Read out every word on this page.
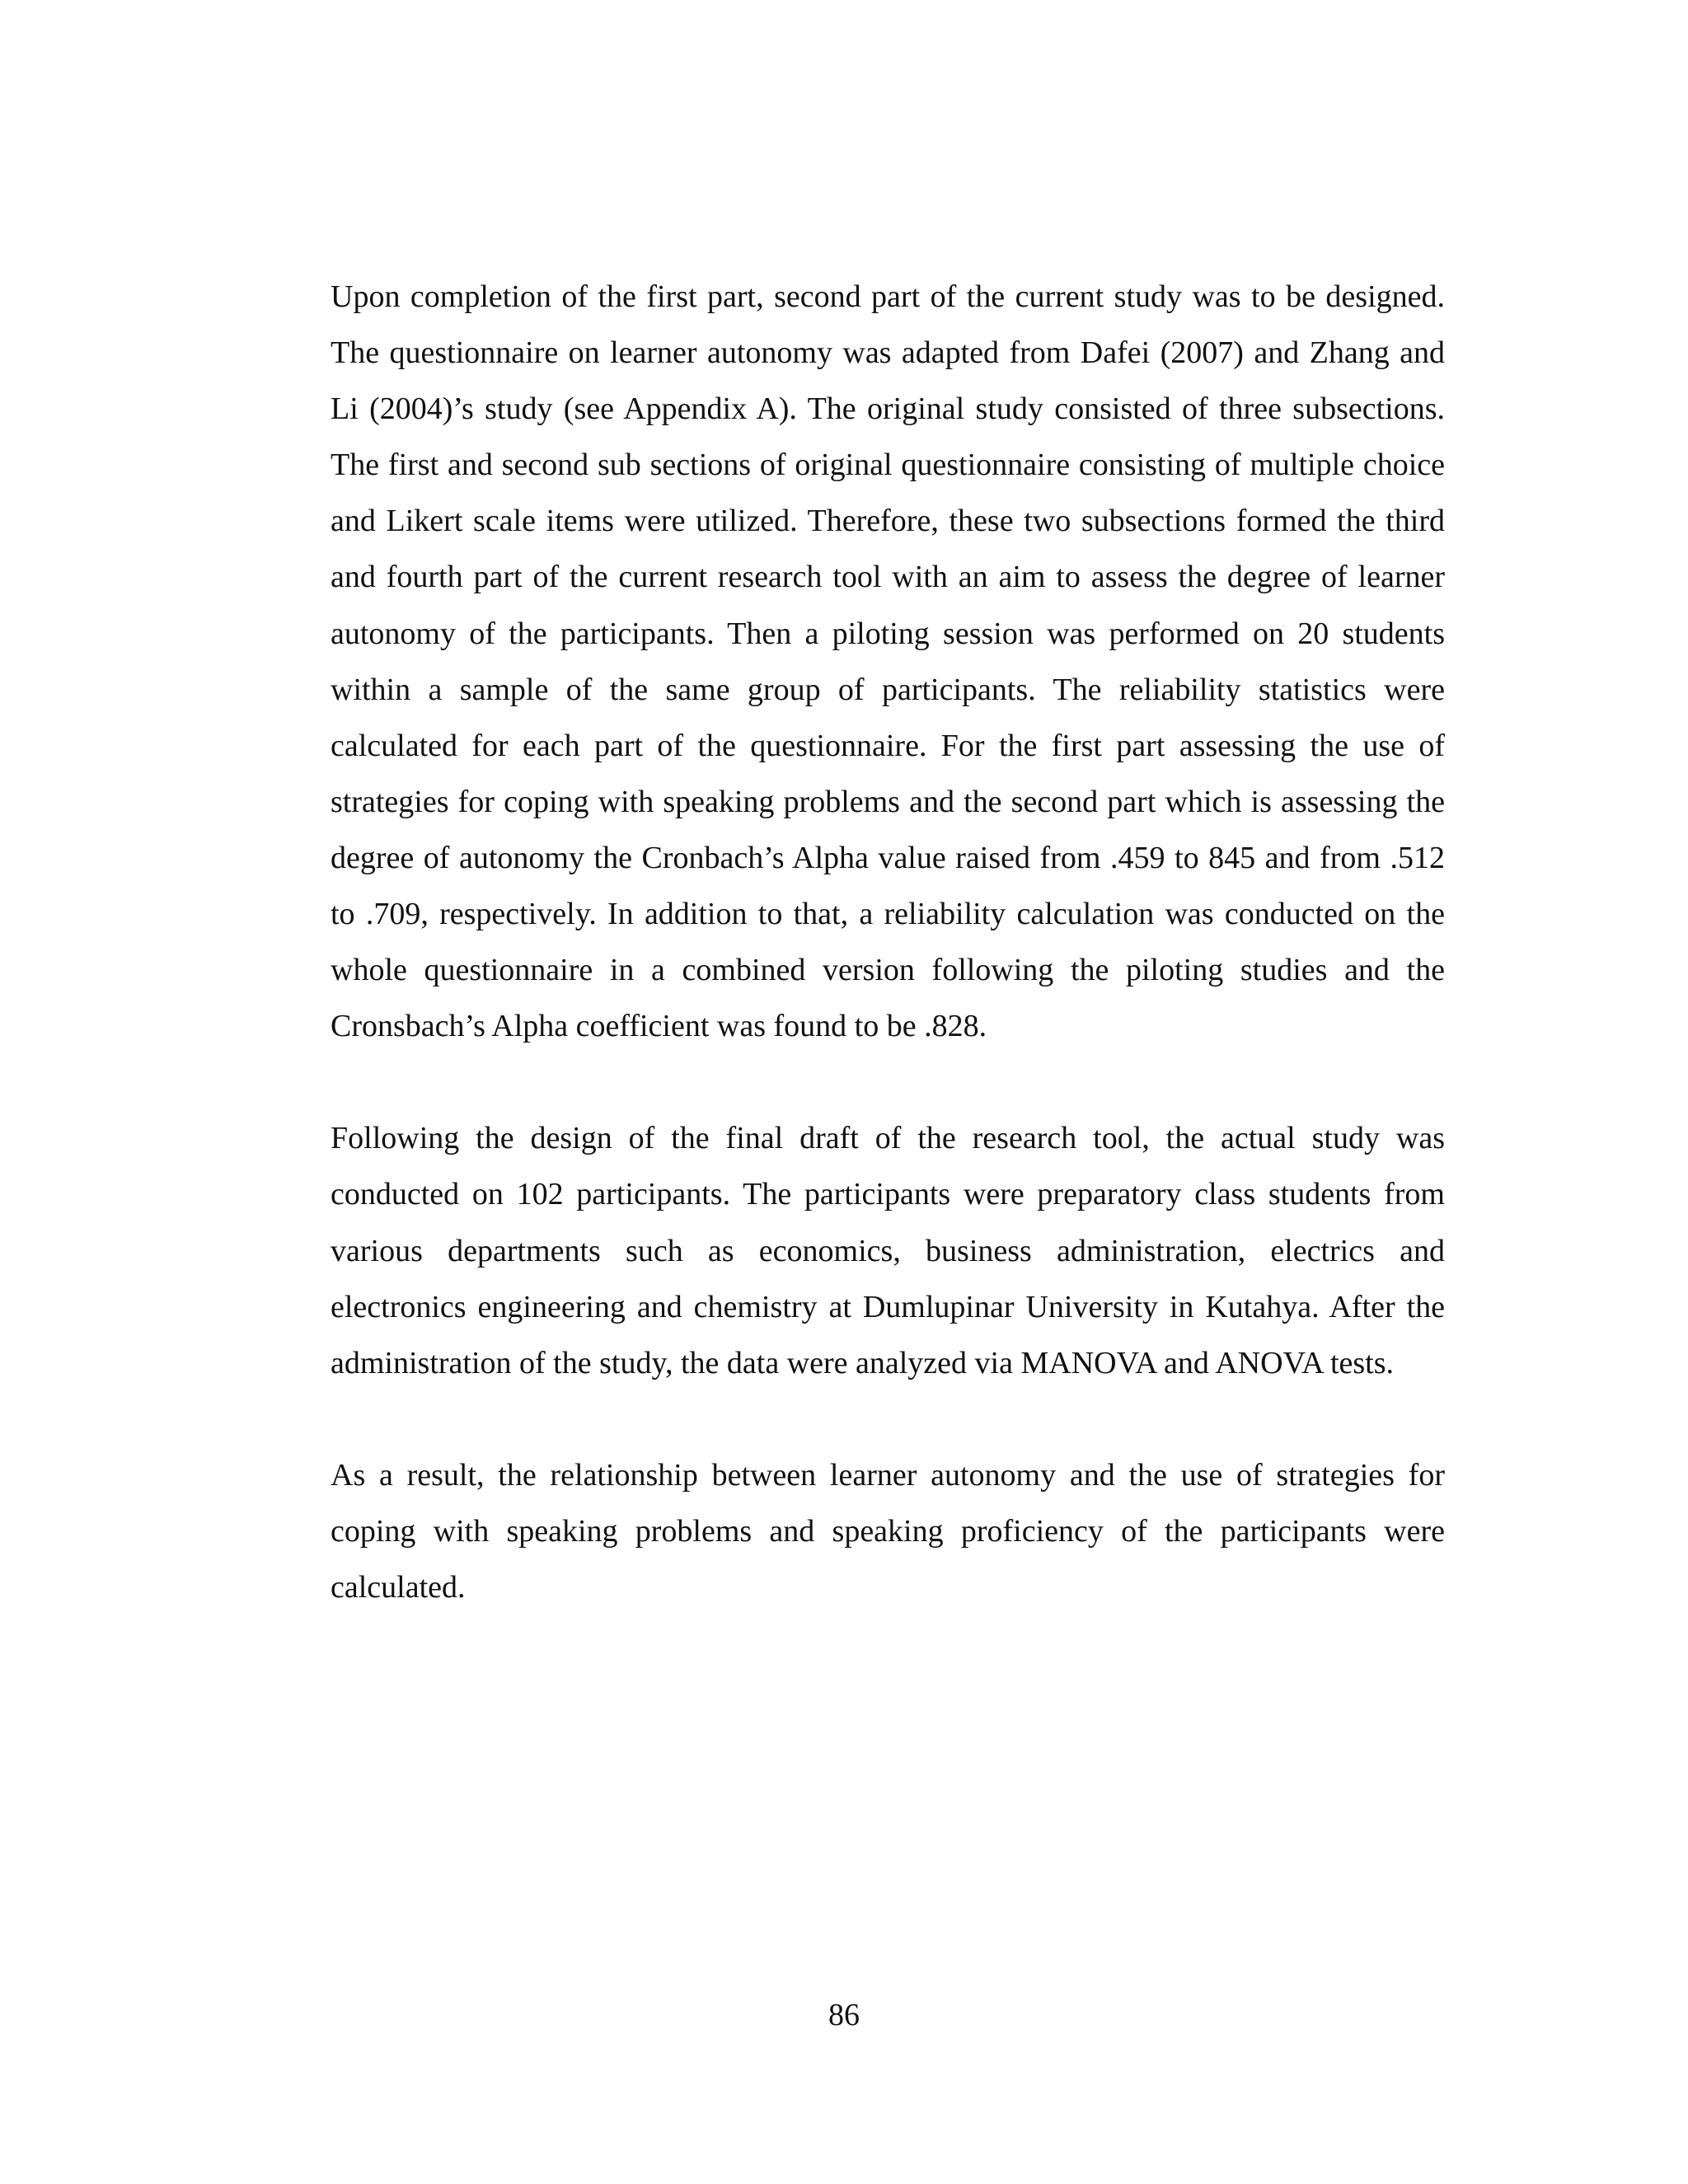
Upon completion of the first part, second part of the current study was to be designed. The questionnaire on learner autonomy was adapted from Dafei (2007) and Zhang and Li (2004)’s study (see Appendix A). The original study consisted of three subsections. The first and second sub sections of original questionnaire consisting of multiple choice and Likert scale items were utilized. Therefore, these two subsections formed the third and fourth part of the current research tool with an aim to assess the degree of learner autonomy of the participants. Then a piloting session was performed on 20 students within a sample of the same group of participants. The reliability statistics were calculated for each part of the questionnaire. For the first part assessing the use of strategies for coping with speaking problems and the second part which is assessing the degree of autonomy the Cronbach’s Alpha value raised from .459 to 845 and from .512 to .709, respectively. In addition to that, a reliability calculation was conducted on the whole questionnaire in a combined version following the piloting studies and the Cronsbach’s Alpha coefficient was found to be .828.

Following the design of the final draft of the research tool, the actual study was conducted on 102 participants. The participants were preparatory class students from various departments such as economics, business administration, electrics and electronics engineering and chemistry at Dumlupinar University in Kutahya. After the administration of the study, the data were analyzed via MANOVA and ANOVA tests.

As a result, the relationship between learner autonomy and the use of strategies for coping with speaking problems and speaking proficiency of the participants were calculated.

86
